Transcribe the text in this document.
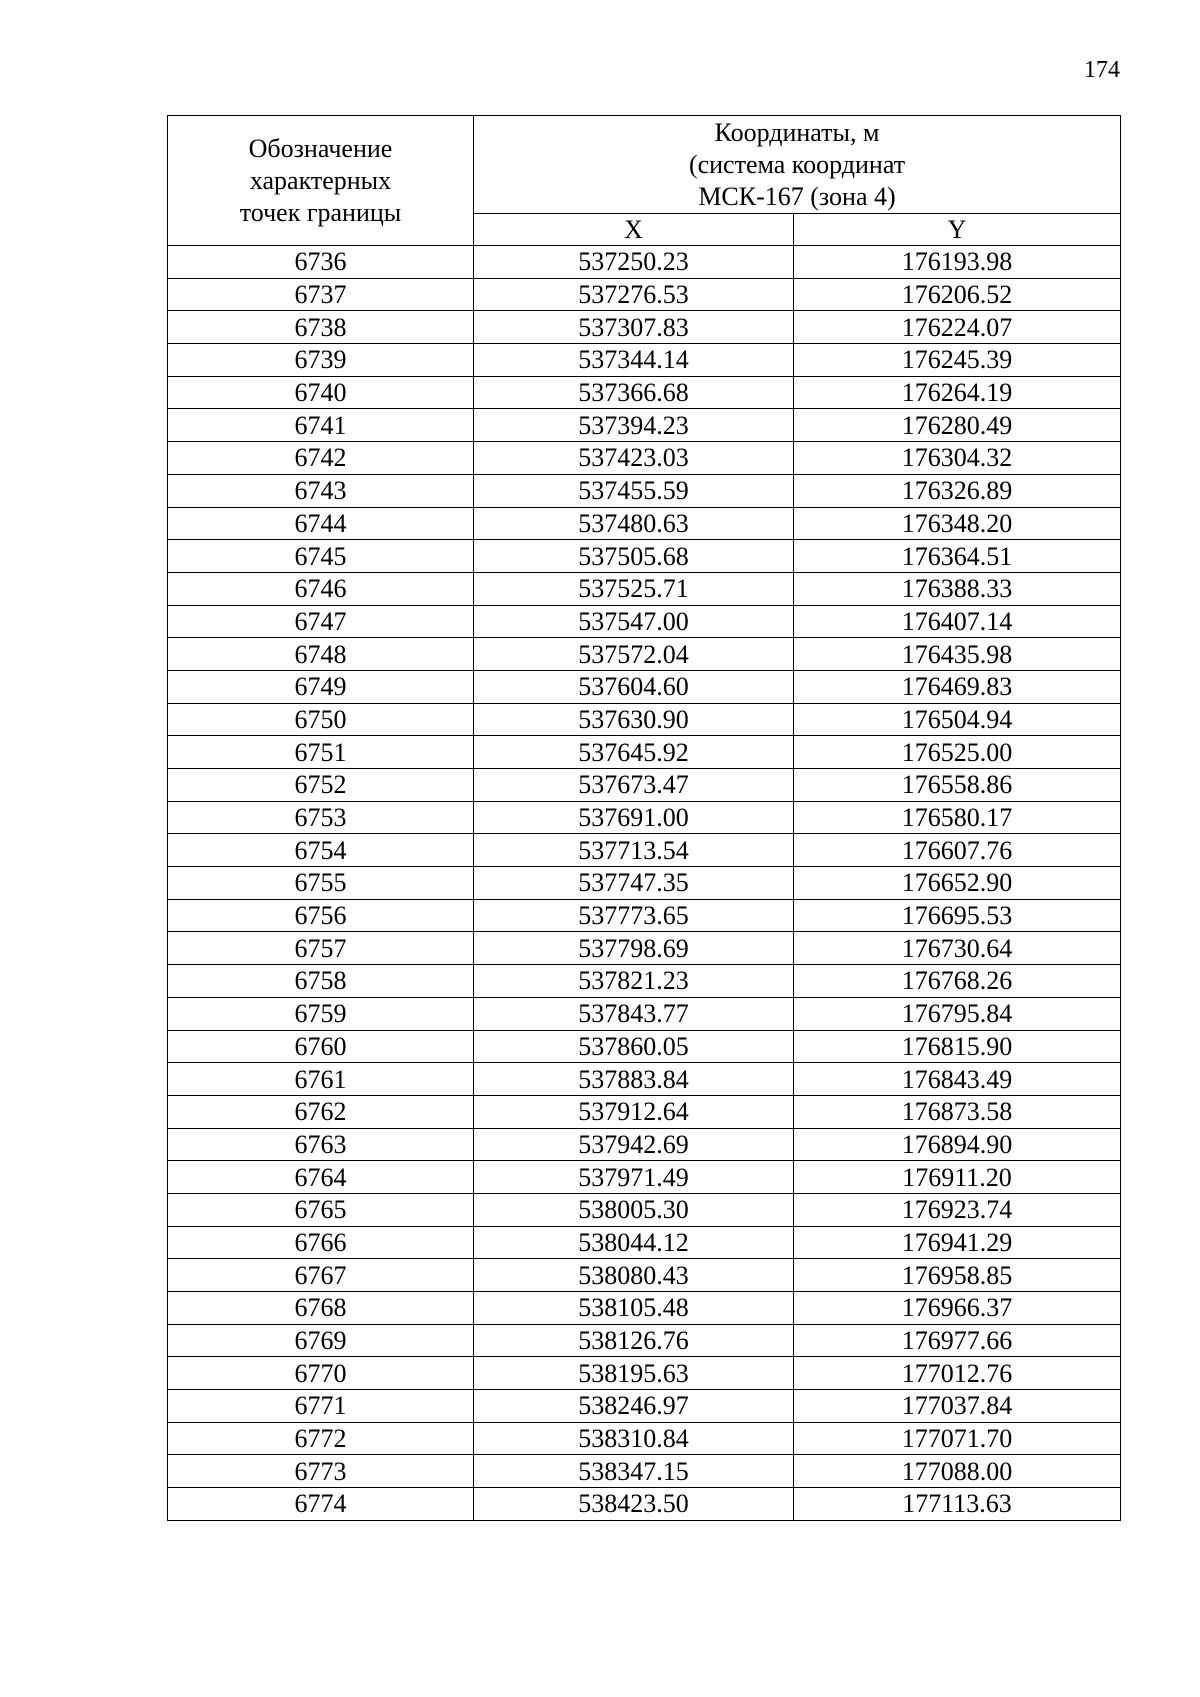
174
Обозначение
характерных
точек границы	Координаты, м
(система координат
МСК-167 (зона 4)	

	X	Y
6736	537250.23	176193.98
6737	537276.53	176206.52
6738	537307.83	176224.07
6739	537344.14	176245.39
6740	537366.68	176264.19
6741	537394.23	176280.49
6742	537423.03	176304.32
6743	537455.59	176326.89
6744	537480.63	176348.20
6745	537505.68	176364.51
6746	537525.71	176388.33
6747	537547.00	176407.14
6748	537572.04	176435.98
6749	537604.60	176469.83
6750	537630.90	176504.94
6751	537645.92	176525.00
6752	537673.47	176558.86
6753	537691.00	176580.17
6754	537713.54	176607.76
6755	537747.35	176652.90
6756	537773.65	176695.53
6757	537798.69	176730.64
6758	537821.23	176768.26
6759	537843.77	176795.84
6760	537860.05	176815.90
6761	537883.84	176843.49
6762	537912.64	176873.58
6763	537942.69	176894.90
6764	537971.49	176911.20
6765	538005.30	176923.74
6766	538044.12	176941.29
6767	538080.43	176958.85
6768	538105.48	176966.37
6769	538126.76	176977.66
6770	538195.63	177012.76
6771	538246.97	177037.84
6772	538310.84	177071.70
6773	538347.15	177088.00
6774	538423.50	177113.63
